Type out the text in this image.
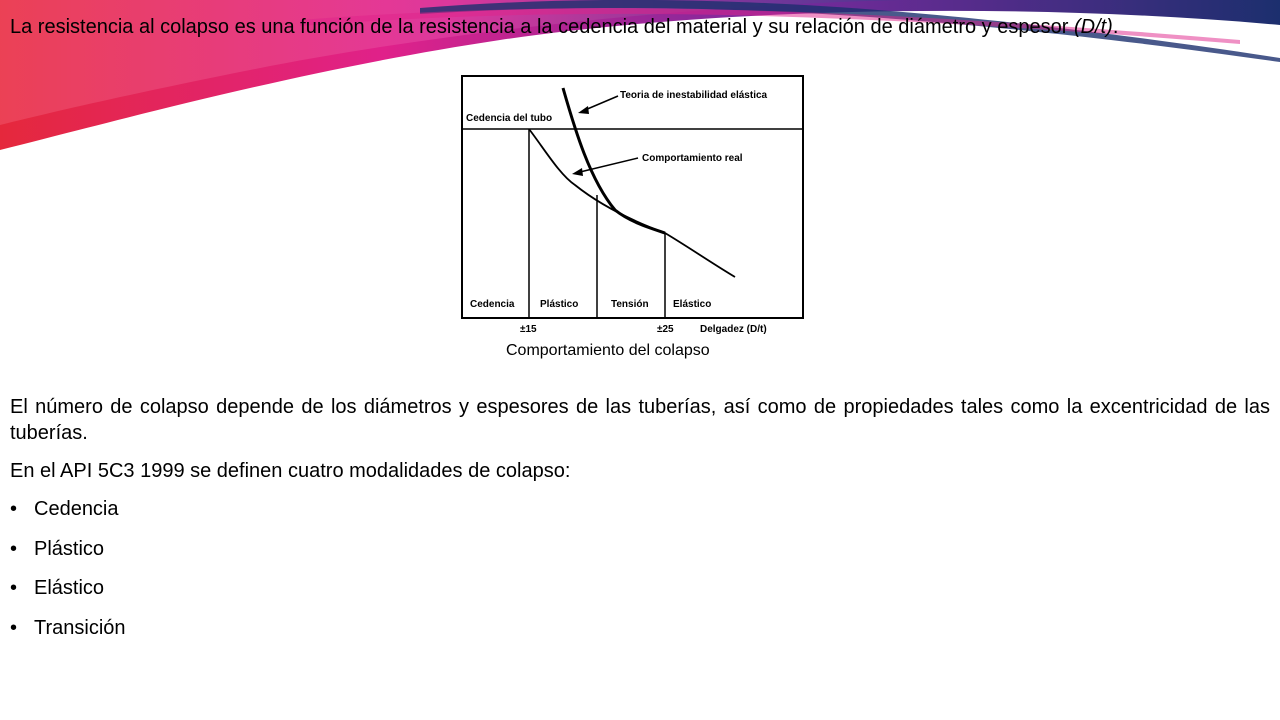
La resistencia al colapso es una función de la resistencia a la cedencia del material y su relación de diámetro y espesor (D/t).

Teoria de inestabilidad elástica
Cedencia del tubo
Comportamiento real
Cedencia	Plástico	Tensión Elástico
±15	±25	Delgadez (D/t)
Comportamiento del colapso

El número de colapso depende de los diámetros y espesores de las tuberías, así como de propiedades tales como la excentricidad de las tuberías.

En el API 5C3 1999 se definen cuatro modalidades de colapso:

• Cedencia
• Plástico
• Elástico
• Transición
